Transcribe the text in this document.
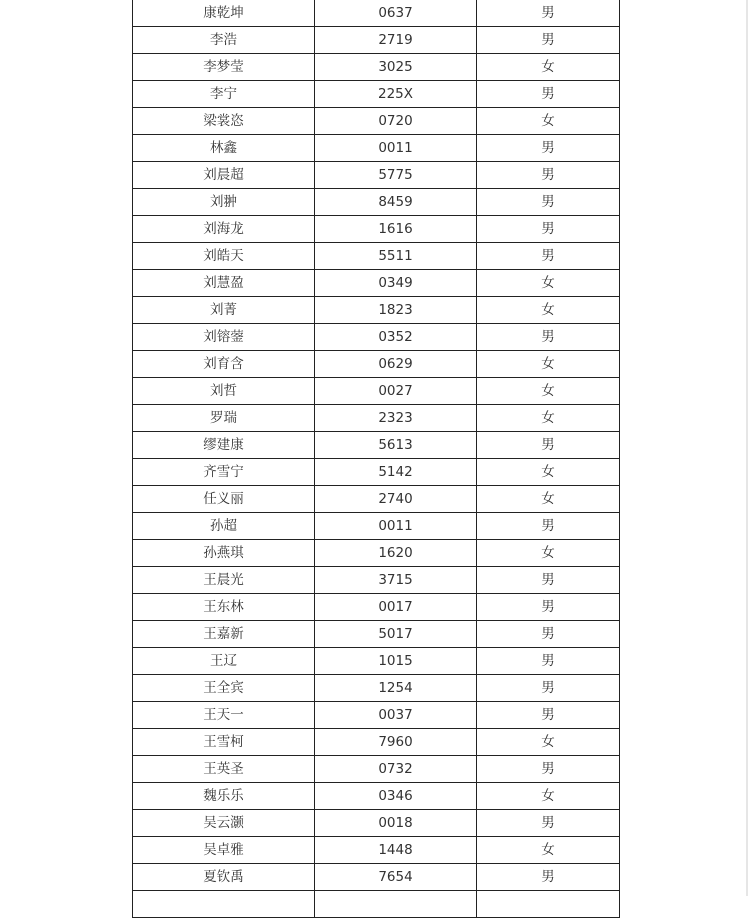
康乾坤	0637	男
李浩	2719	男
李梦莹	3025	女
李宁	225X	男
梁裳恣	0720	女
林鑫	0011	男
刘晨超	5775	男
刘翀	8459	男
刘海龙	1616	男
刘皓天	5511	男
刘慧盈	0349	女
刘菁	1823	女
刘镕蓥	0352	男
刘育含	0629	女
刘哲	0027	女
罗瑞	2323	女
缪建康	5613	男
齐雪宁	5142	女
任义丽	2740	女
孙超	0011	男
孙燕琪	1620	女
王晨光	3715	男
王东林	0017	男
王嘉新	5017	男
王辽	1015	男
王全宾	1254	男
王天一	0037	男
王雪柯	7960	女
王英圣	0732	男
魏乐乐	0346	女
吴云灏	0018	男
吴卓雅	1448	女
夏钦禹	7654	男
